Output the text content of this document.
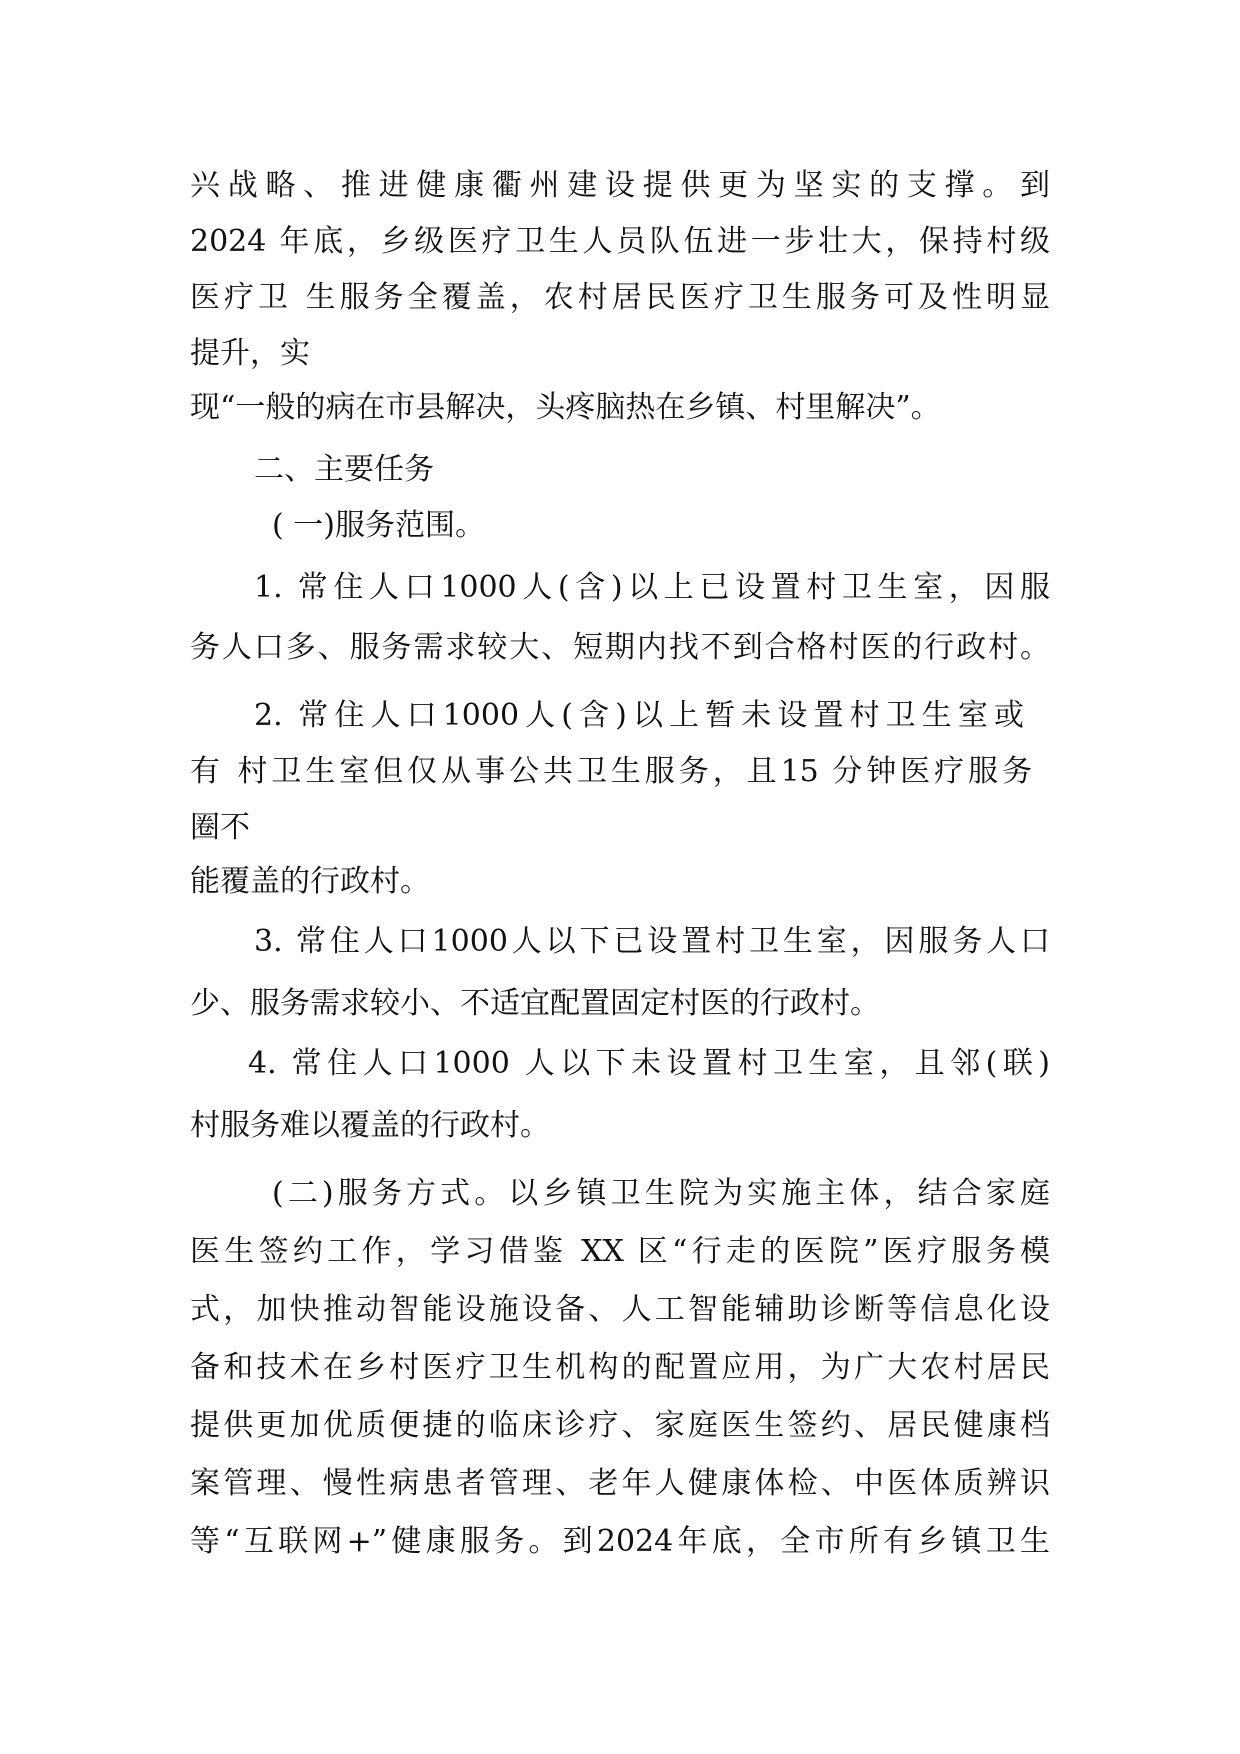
兴战略、推进健康衢州建设提供更为坚实的支撑。到

2024 年底，乡级医疗卫生人员队伍进一步壮大，保持村级

医疗卫 生服务全覆盖，农村居民医疗卫生服务可及性明显

提升，实

现“一般的病在市县解决，头疼脑热在乡镇、村里解决”。

二、主要任务

( 一)服务范围。

1. 常住人口1000人(含)以上已设置村卫生室，因服

务人口多、服务需求较大、短期内找不到合格村医的行政村。

2. 常住人口1000人(含)以上暂未设置村卫生室或

有 村卫生室但仅从事公共卫生服务，且15 分钟医疗服务

圈不

能覆盖的行政村。

3. 常住人口1000人以下已设置村卫生室，因服务人口

少、服务需求较小、不适宜配置固定村医的行政村。

4. 常住人口1000 人以下未设置村卫生室，且邻(联)

村服务难以覆盖的行政村。

(二)服务方式。以乡镇卫生院为实施主体，结合家庭

医生签约工作，学习借鉴 XX 区“行走的医院”医疗服务模

式，加快推动智能设施设备、人工智能辅助诊断等信息化设

备和技术在乡村医疗卫生机构的配置应用，为广大农村居民

提供更加优质便捷的临床诊疗、家庭医生签约、居民健康档

案管理、慢性病患者管理、老年人健康体检、中医体质辨识

等“互联网+”健康服务。到2024年底，全市所有乡镇卫生
